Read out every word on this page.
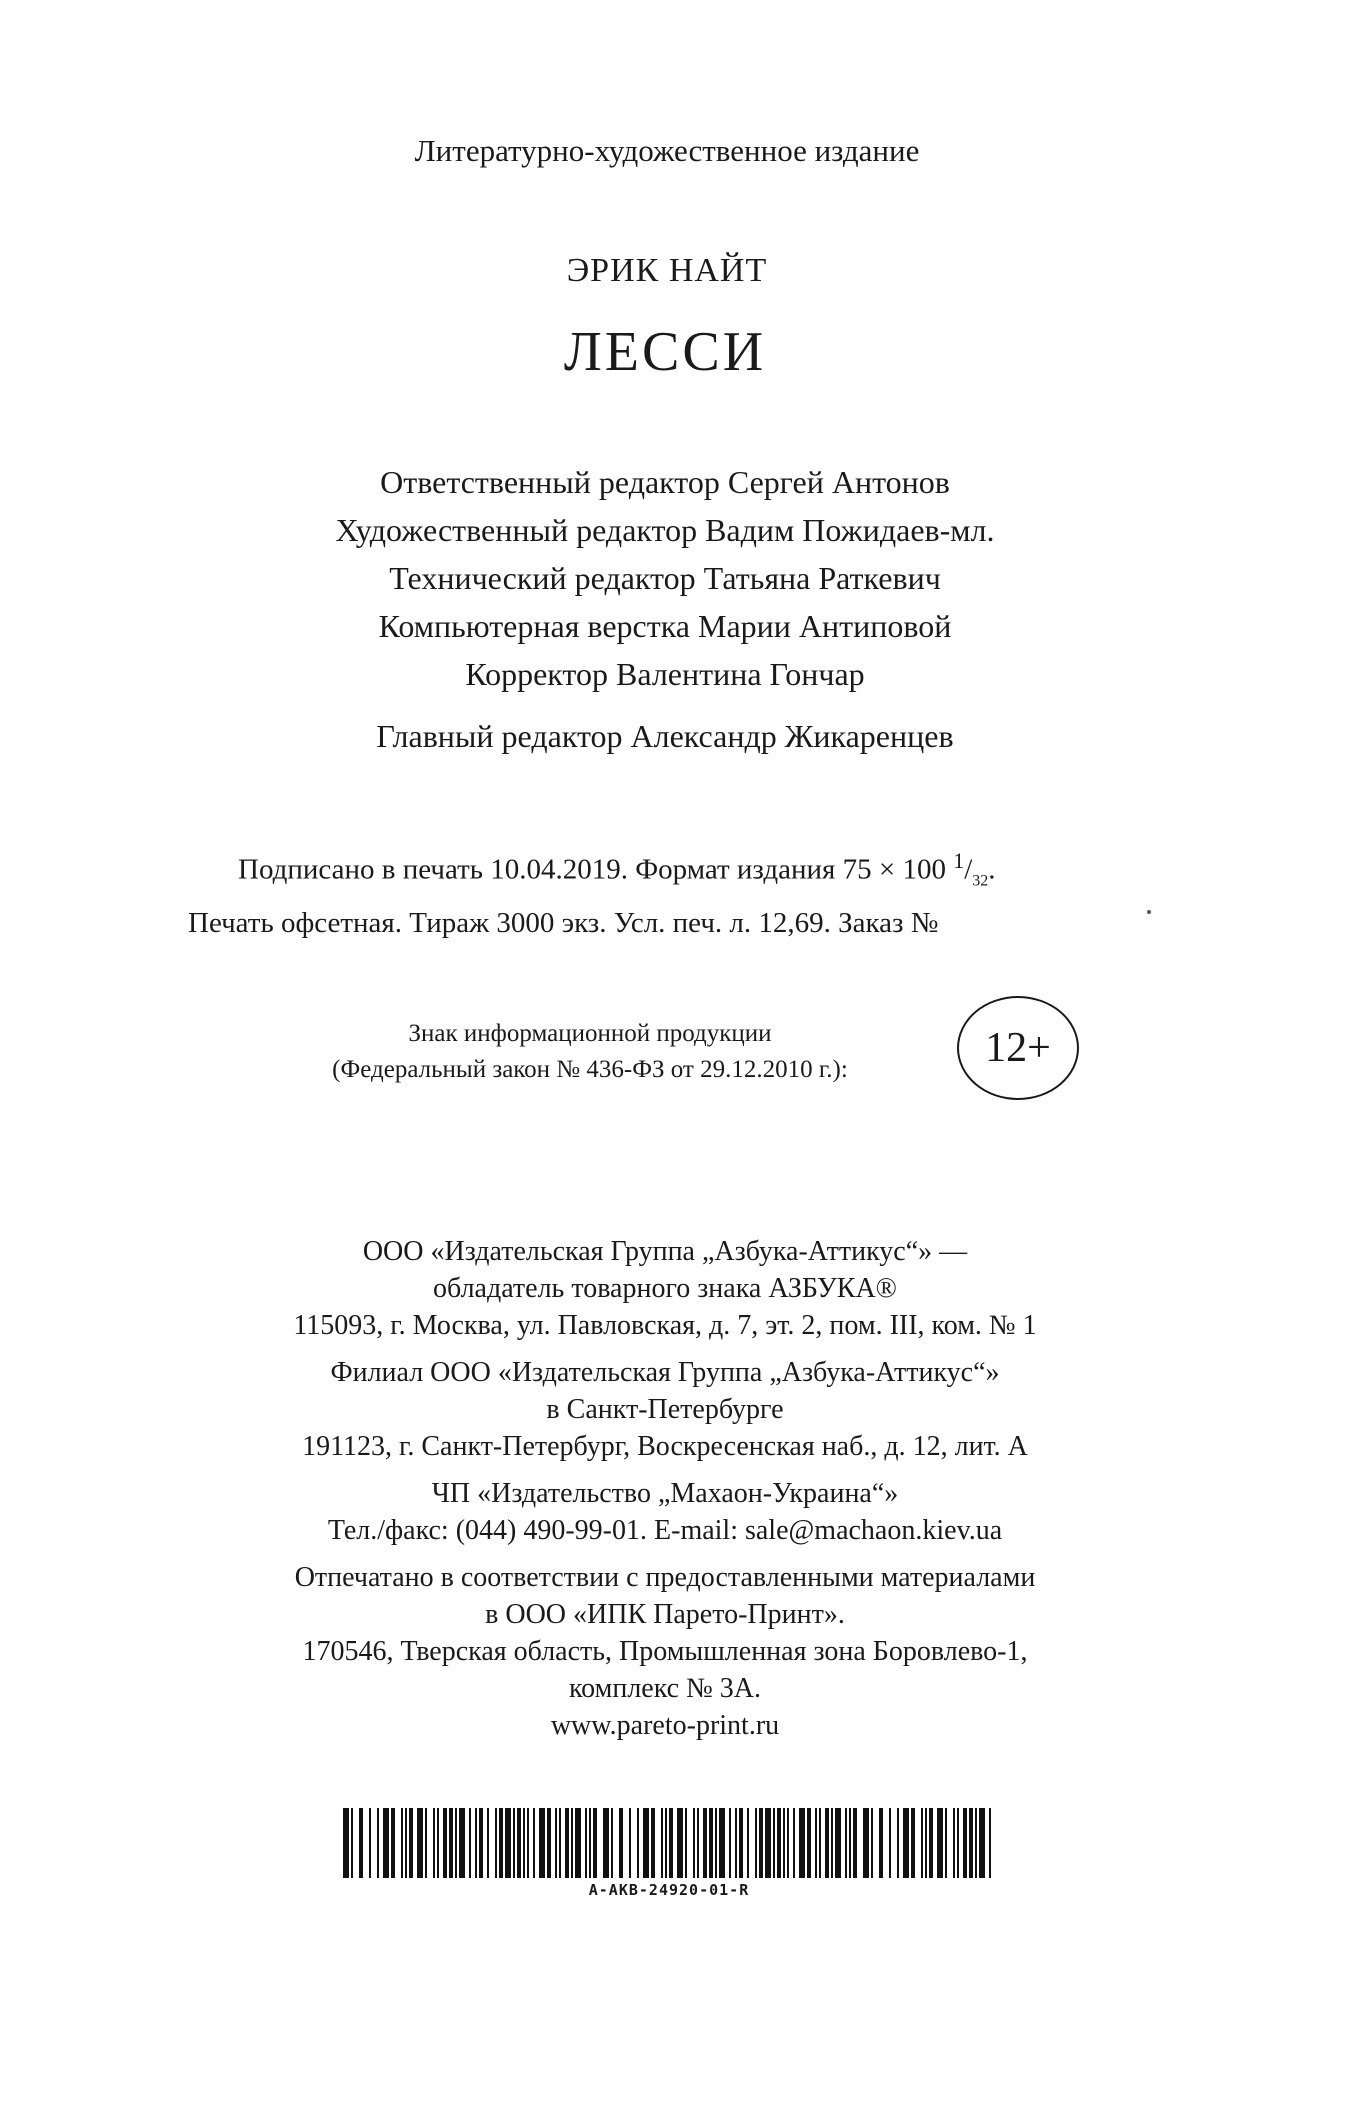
Литературно-художественное издание
ЭРИК НАЙТ
ЛЕССИ
Ответственный редактор Сергей Антонов
Художественный редактор Вадим Пожидаев-мл.
Технический редактор Татьяна Раткевич
Компьютерная верстка Марии Антиповой
Корректор Валентина Гончар
Главный редактор Александр Жикаренцев
Подписано в печать 10.04.2019. Формат издания 75 × 100 $^1/_{32}$.
Печать офсетная. Тираж 3000 экз. Усл. печ. л. 12,69. Заказ №
Знак информационной продукции
(Федеральный закон № 436-ФЗ от 29.12.2010 г.):	12+
ООО «Издательская Группа „Азбука-Аттикус“» —
обладатель товарного знака АЗБУКА®
115093, г. Москва, ул. Павловская, д. 7, эт. 2, пом. III, ком. № 1
Филиал ООО «Издательская Группа „Азбука-Аттикус“»
в Санкт-Петербурге
191123, г. Санкт-Петербург, Воскресенская наб., д. 12, лит. А
ЧП «Издательство „Махаон-Украина“»
Тел./факс: (044) 490-99-01. E-mail: sale@machaon.kiev.ua
Отпечатано в соответствии с предоставленными материалами
в ООО «ИПК Парето-Принт».
170546, Тверская область, Промышленная зона Боровлево-1,
комплекс № 3А.
www.pareto-print.ru
A-AKB-24920-01-R
